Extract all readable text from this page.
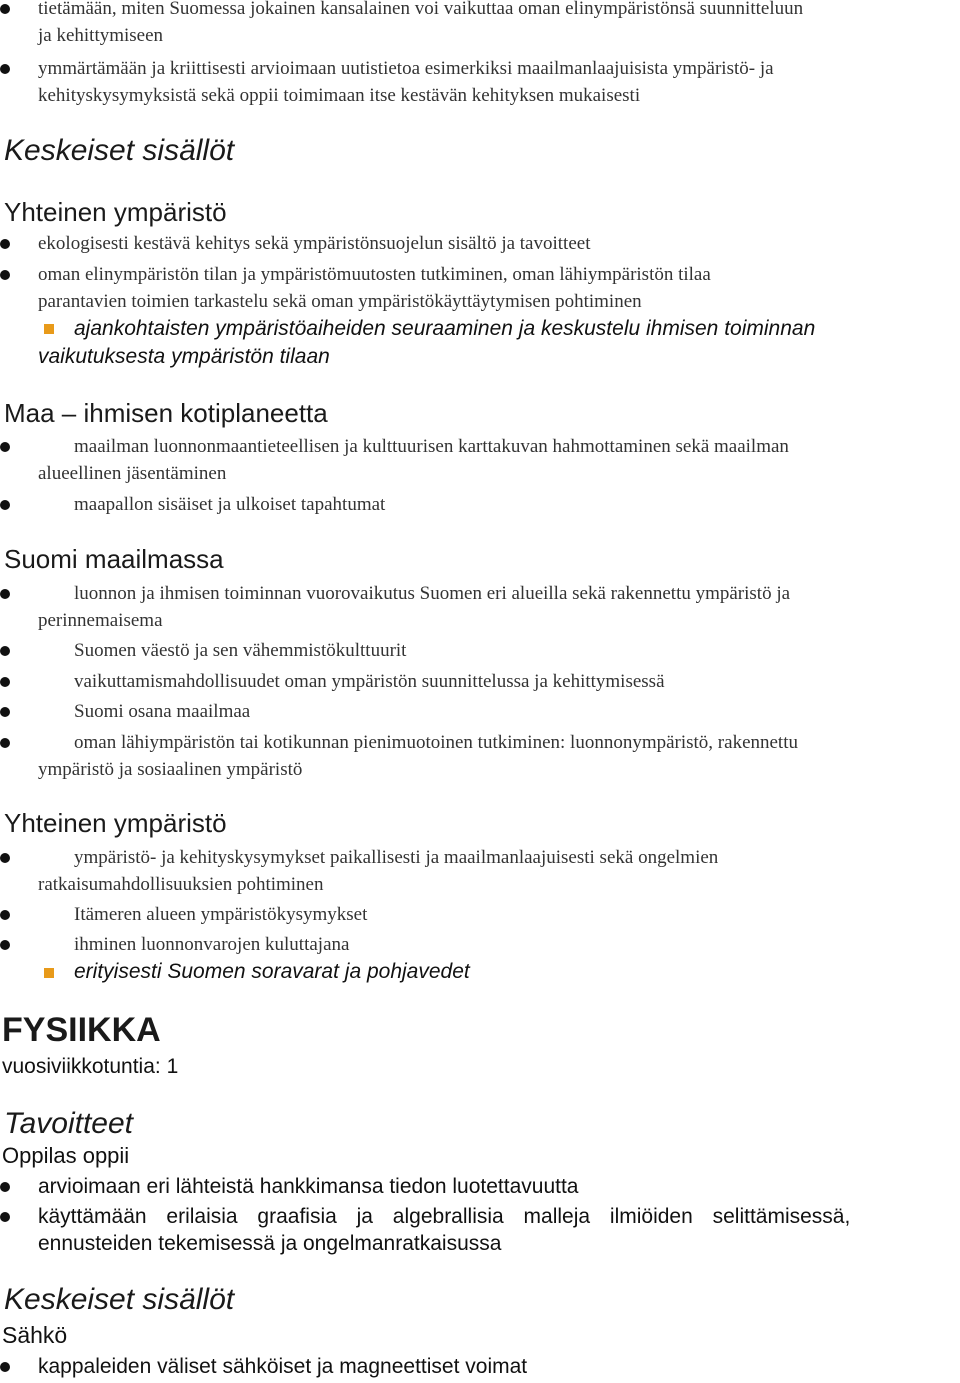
tietämään, miten Suomessa jokainen kansalainen voi vaikuttaa oman elinympäristönsä suunnitteluun
ja kehittymiseen
ymmärtämään ja kriittisesti arvioimaan uutistietoa esimerkiksi maailmanlaajuisista ympäristö- ja
kehityskysymyksistä sekä oppii toimimaan itse kestävän kehityksen mukaisesti
Keskeiset sisällöt
Yhteinen ympäristö
ekologisesti kestävä kehitys sekä ympäristönsuojelun sisältö ja tavoitteet
oman elinympäristön tilan ja ympäristömuutosten tutkiminen, oman lähiympäristön tilaa
parantavien toimien tarkastelu sekä oman ympäristökäyttäytymisen pohtiminen
ajankohtaisten ympäristöaiheiden seuraaminen ja keskustelu ihmisen toiminnan
vaikutuksesta ympäristön tilaan
Maa – ihmisen kotiplaneetta
maailman luonnonmaantieteellisen ja kulttuurisen karttakuvan hahmottaminen sekä maailman
alueellinen jäsentäminen
maapallon sisäiset ja ulkoiset tapahtumat
Suomi maailmassa
luonnon ja ihmisen toiminnan vuorovaikutus Suomen eri alueilla sekä rakennettu ympäristö ja
perinnemaisema
Suomen väestö ja sen vähemmistökulttuurit
vaikuttamismahdollisuudet oman ympäristön suunnittelussa ja kehittymisessä
Suomi osana maailmaa
oman lähiympäristön tai kotikunnan pienimuotoinen tutkiminen: luonnonympäristö, rakennettu
ympäristö ja sosiaalinen ympäristö
Yhteinen ympäristö
ympäristö- ja kehityskysymykset paikallisesti ja maailmanlaajuisesti sekä ongelmien
ratkaisumahdollisuuksien pohtiminen
Itämeren alueen ympäristökysymykset
ihminen luonnonvarojen kuluttajana
erityisesti Suomen soravarat ja pohjavedet
FYSIIKKA
vuosiviikkotuntia: 1
Tavoitteet
Oppilas oppii
arvioimaan eri lähteistä hankkimansa tiedon luotettavuutta
käyttämään erilaisia graafisia ja algebrallisia malleja ilmiöiden selittämisessä,
ennusteiden tekemisessä ja ongelmanratkaisussa
Keskeiset sisällöt
Sähkö
kappaleiden väliset sähköiset ja magneettiset voimat
